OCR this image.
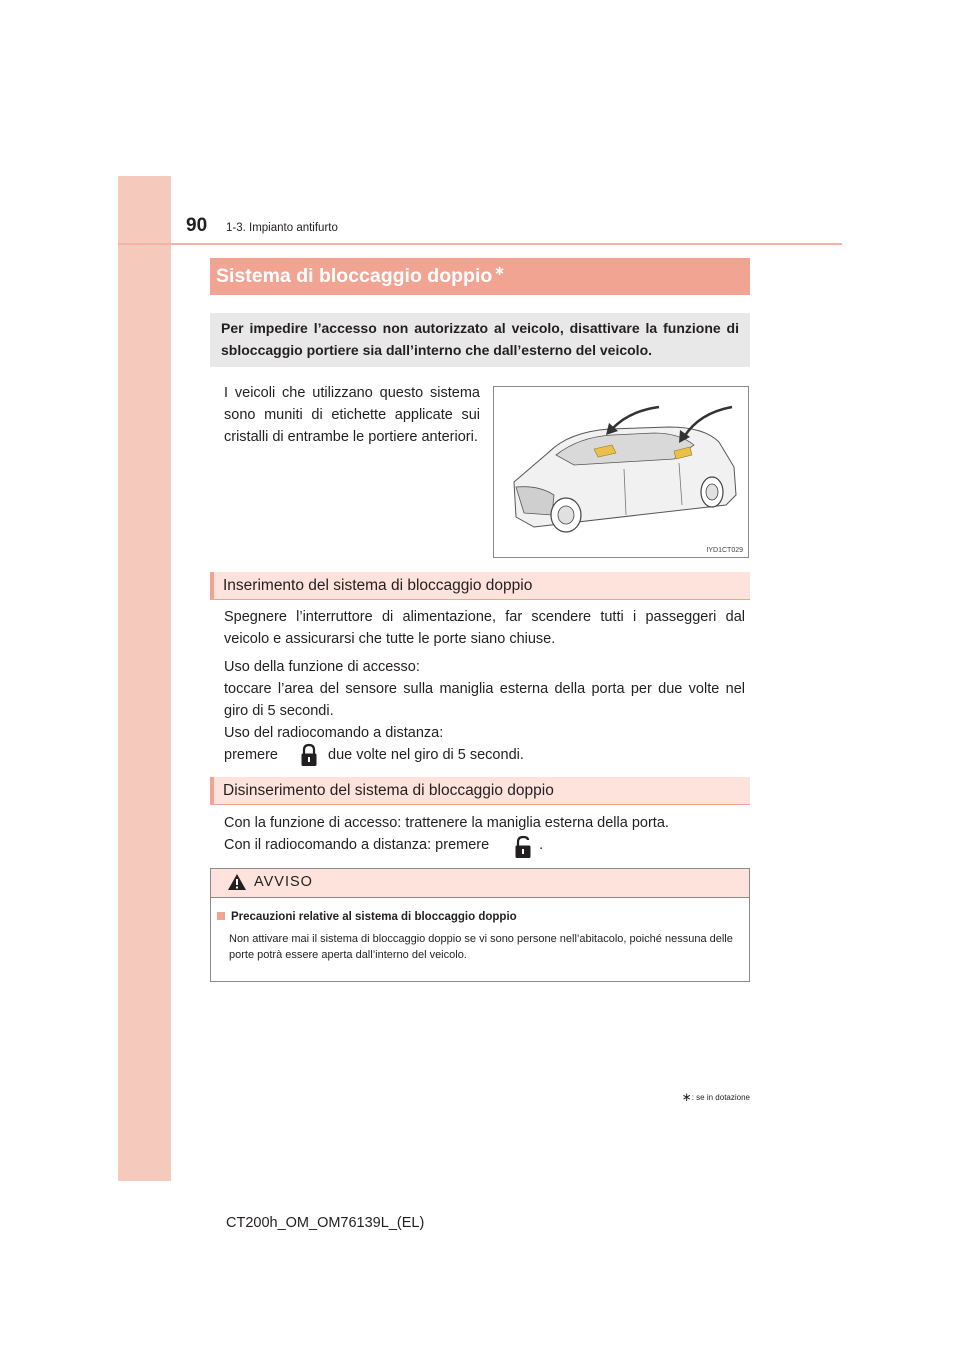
90 1-3. Impianto antifurto
Sistema di bloccaggio doppio ∗
Per impedire l’accesso non autorizzato al veicolo, disattivare la funzione di sbloccaggio portiere sia dall’interno che dall’esterno del veicolo.

I veicoli che utilizzano questo sistema sono muniti di etichette applicate sui cristalli di entrambe le portiere anteriori.

IYD1CT029
Inserimento del sistema di bloccaggio doppio

Spegnere l’interruttore di alimentazione, far scendere tutti i passeggeri dal veicolo e assicurarsi che tutte le porte siano chiuse.

Uso della funzione di accesso:
toccare l’area del sensore sulla maniglia esterna della porta per due volte nel giro di 5 secondi.
Uso del radiocomando a distanza:
premere	due volte nel giro di 5 secondi.
Disinserimento del sistema di bloccaggio doppio
Con la funzione di accesso: trattenere la maniglia esterna della porta.
Con il radiocomando a distanza: premere	.
AVVISO
Precauzioni relative al sistema di bloccaggio doppio

Non attivare mai il sistema di bloccaggio doppio se vi sono persone nell’abitacolo, poiché nessuna delle porte potrà essere aperta dall’interno del veicolo.

∗: se in dotazione
CT200h_OM_OM76139L_(EL)
